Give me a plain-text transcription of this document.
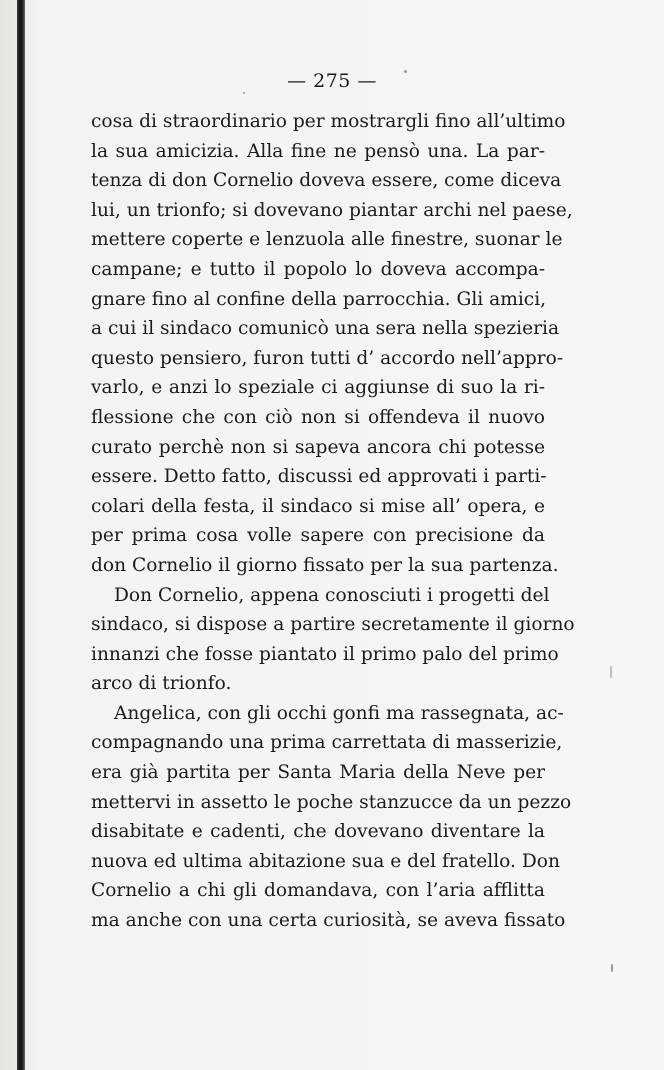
— 275 —
cosa di straordinario per mostrargli fino all’ultimo
la sua amicizia. Alla fine ne pensò una. La par-
tenza di don Cornelio doveva essere, come diceva
lui, un trionfo; si dovevano piantar archi nel paese,
mettere coperte e lenzuola alle finestre, suonar le
campane; e tutto il popolo lo doveva accompa-
gnare fino al confine della parrocchia. Gli amici,
a cui il sindaco comunicò una sera nella spezieria
questo pensiero, furon tutti d’ accordo nell’appro-
varlo, e anzi lo speziale ci aggiunse di suo la ri-
flessione che con ciò non si offendeva il nuovo
curato perchè non si sapeva ancora chi potesse
essere. Detto fatto, discussi ed approvati i parti-
colari della festa, il sindaco si mise all’ opera, e
per prima cosa volle sapere con precisione da
don Cornelio il giorno fissato per la sua partenza.
Don Cornelio, appena conosciuti i progetti del
sindaco, si dispose a partire secretamente il giorno
innanzi che fosse piantato il primo palo del primo
arco di trionfo.
Angelica, con gli occhi gonfi ma rassegnata, ac-
compagnando una prima carrettata di masserizie,
era già partita per Santa Maria della Neve per
mettervi in assetto le poche stanzucce da un pezzo
disabitate e cadenti, che dovevano diventare la
nuova ed ultima abitazione sua e del fratello. Don
Cornelio a chi gli domandava, con l’aria afflitta
ma anche con una certa curiosità, se aveva fissato
